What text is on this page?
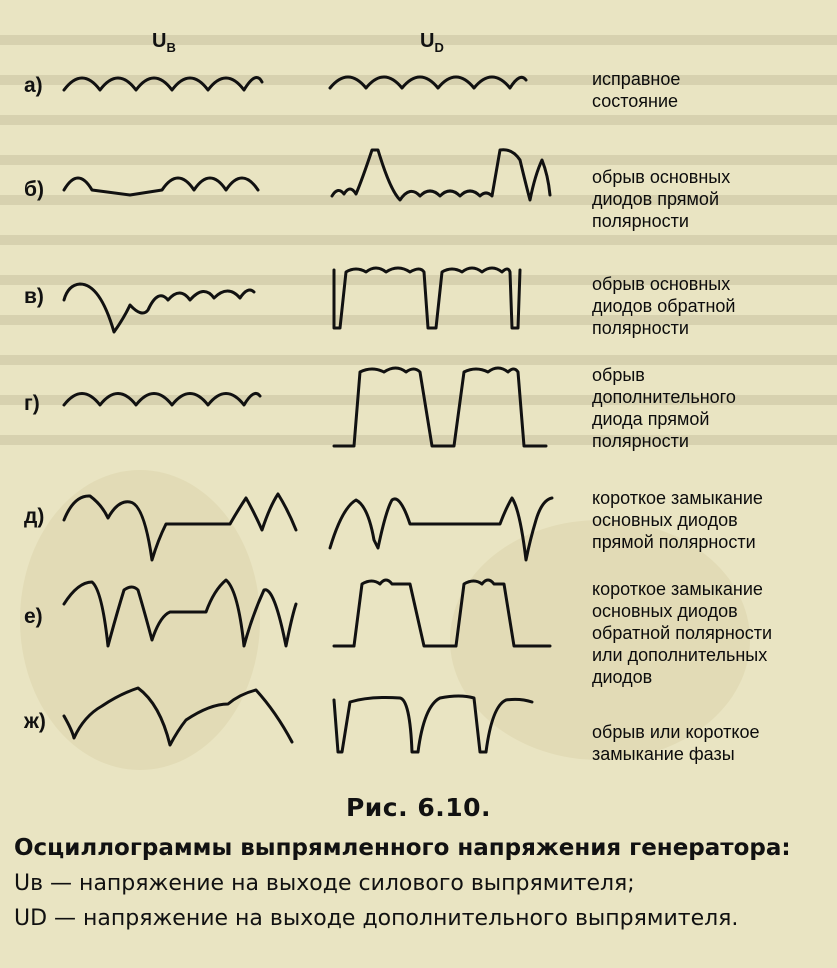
$U_B$	$U_D$
а)
б)
в)
г)
д)
е)
ж)
исправное
состояние
обрыв основных
диодов прямой
полярности
обрыв основных
диодов обратной
полярности
обрыв
дополнительного
диода прямой
полярности
короткое замыкание
основных диодов
прямой полярности
короткое замыкание
основных диодов
обратной полярности
или дополнительных
диодов
обрыв или короткое
замыкание фазы
Рис. 6.10.
Осциллограммы выпрямленного напряжения генератора:
Uв — напряжение на выходе силового выпрямителя;
UD — напряжение на выходе дополнительного выпрямителя.
